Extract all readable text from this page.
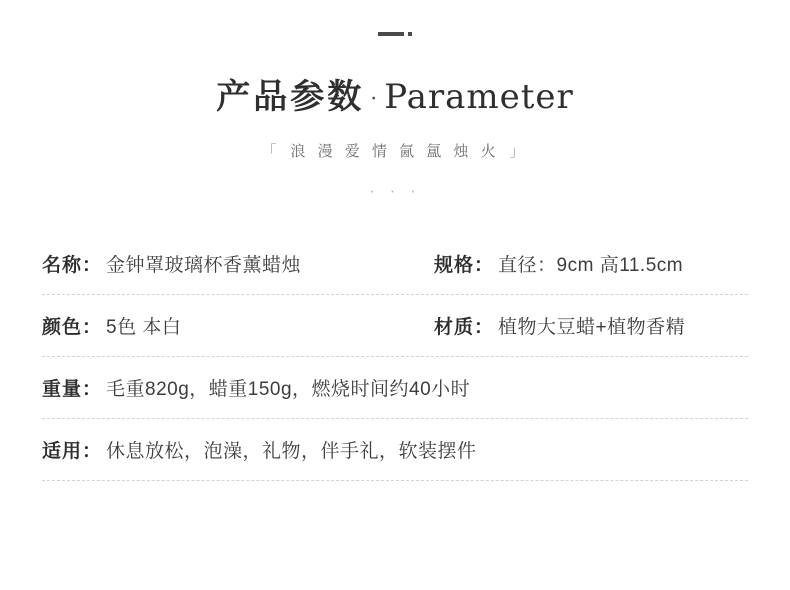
产品参数 · Parameter
「 浪 漫 爱 情 氤 氲 烛 火 」
· · ·
名称： 金钟罩玻璃杯香薰蜡烛	规格： 直径：9cm 高11.5cm
颜色： 5色 本白	材质： 植物大豆蜡+植物香精
重量： 毛重820g，蜡重150g，燃烧时间约40小时
适用： 休息放松，泡澡，礼物，伴手礼，软装摆件
